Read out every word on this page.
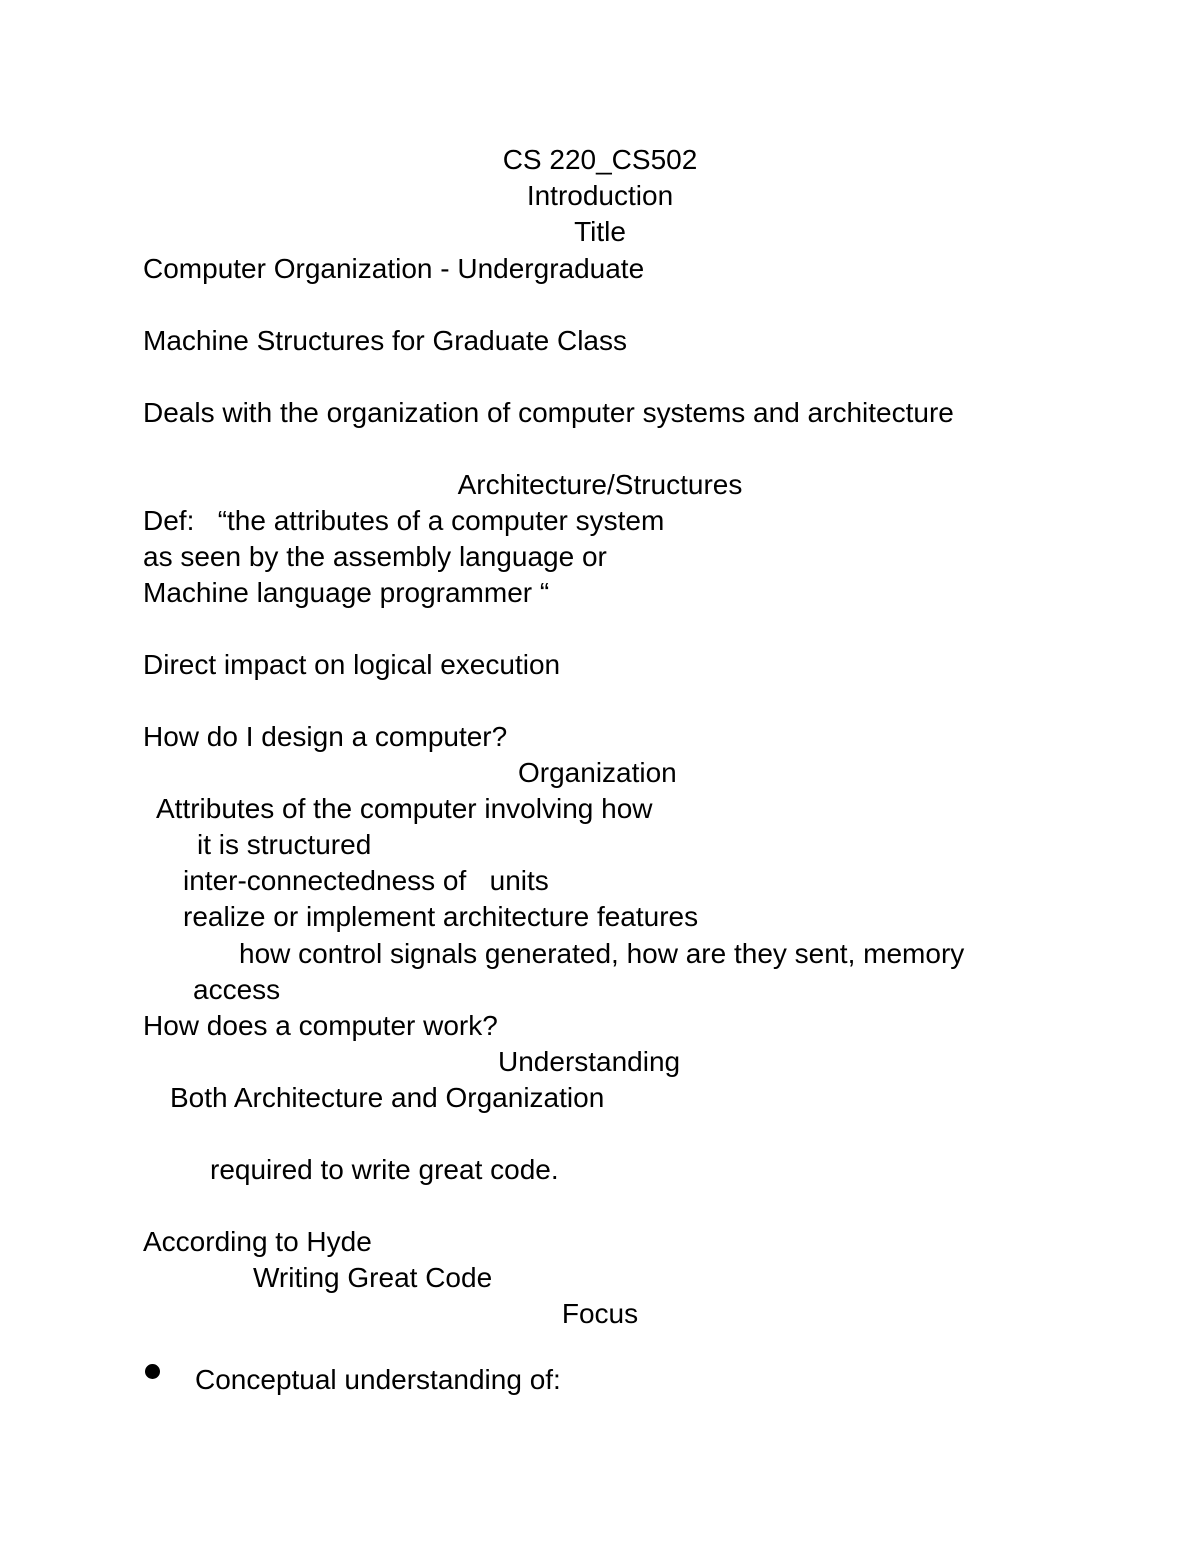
CS 220_CS502

Introduction

Title

Computer Organization - Undergraduate

Machine Structures for Graduate Class

Deals with the organization of computer systems and architecture

Architecture/Structures

Def:   “the attributes of a computer system

as seen by the assembly language or

Machine language programmer “

Direct impact on logical execution

How do I design a computer?

Organization

Attributes of the computer involving how

it is structured

inter-connectedness of   units

realize or implement architecture features

how control signals generated, how are they sent, memory

access

How does a computer work?

Understanding

Both Architecture and Organization

required to write great code.

According to Hyde

Writing Great Code

Focus

Conceptual understanding of:
